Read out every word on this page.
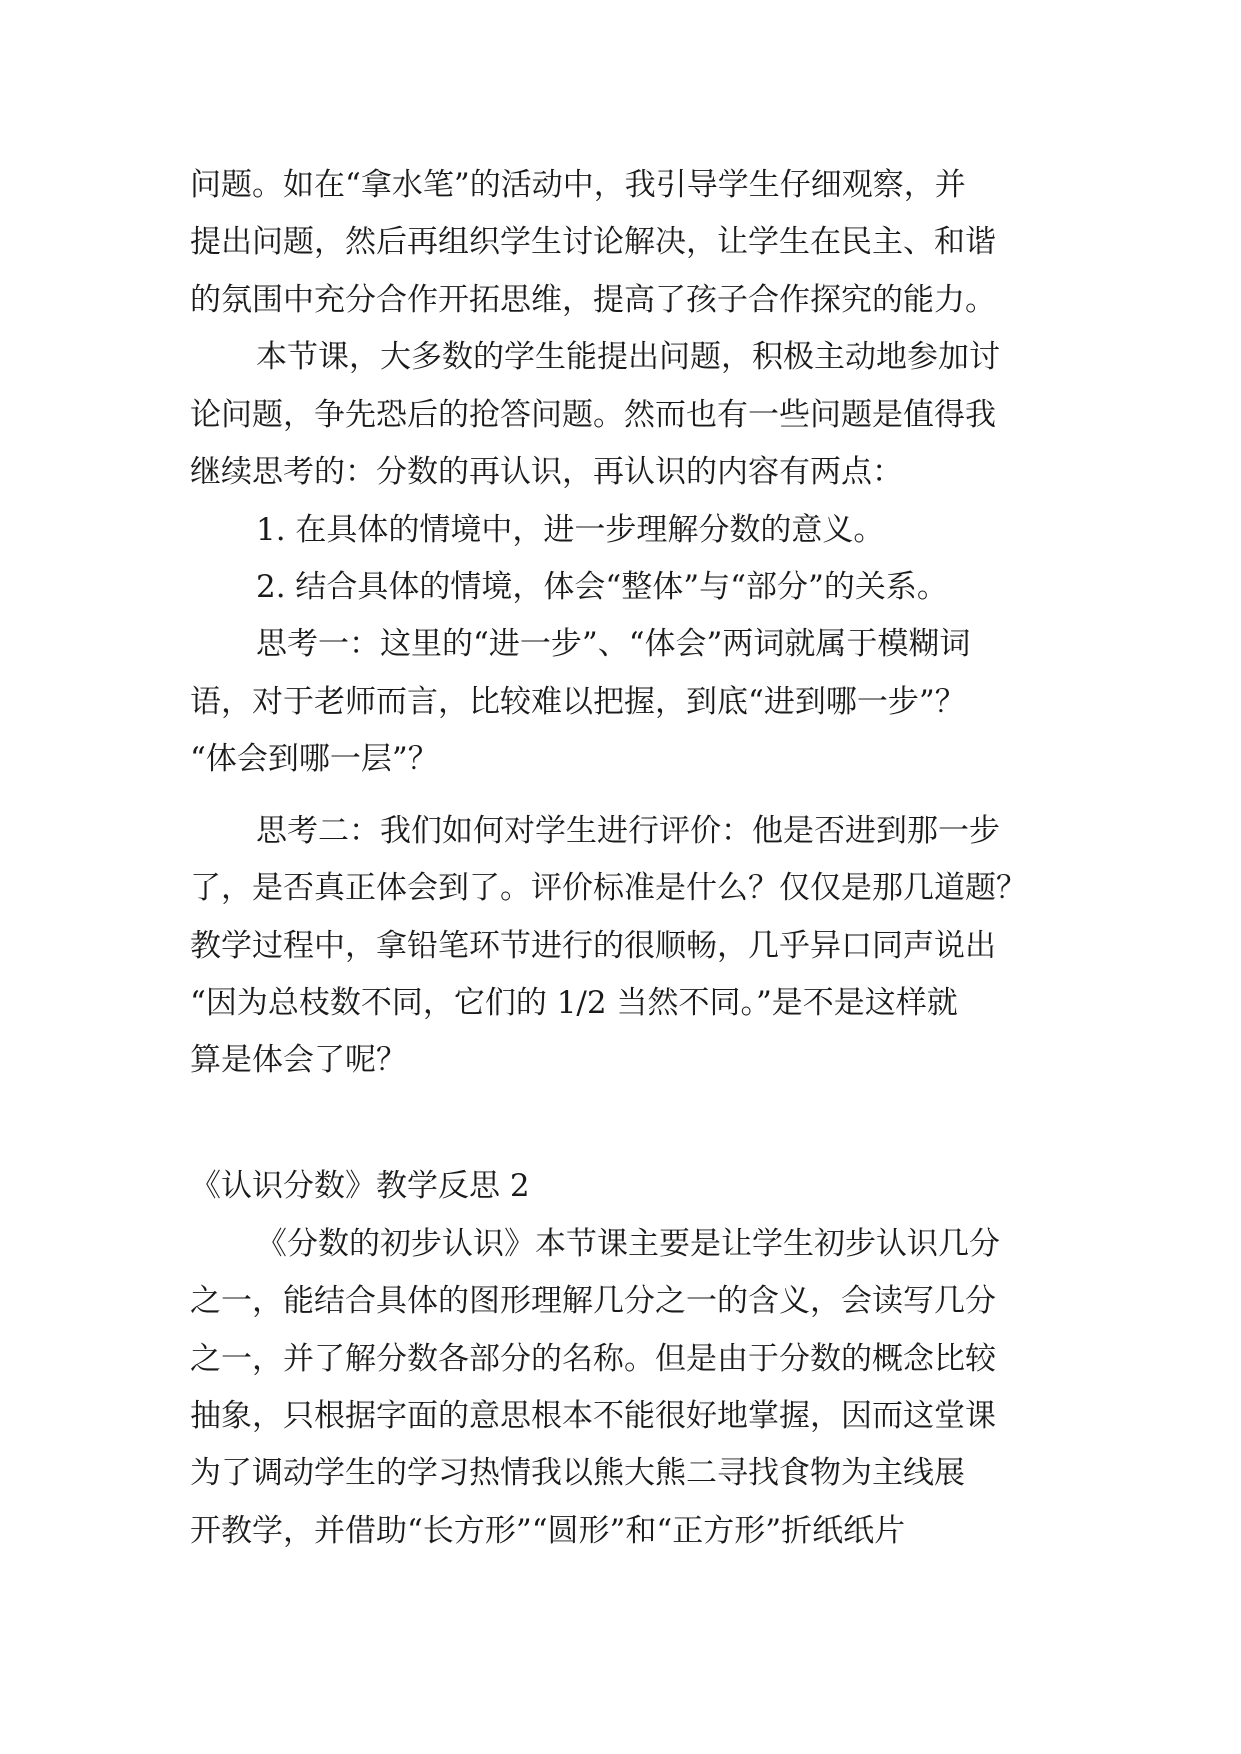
问题。如在“拿水笔”的活动中，我引导学生仔细观察，并
提出问题，然后再组织学生讨论解决，让学生在民主、和谐
的氛围中充分合作开拓思维，提高了孩子合作探究的能力。
本节课，大多数的学生能提出问题，积极主动地参加讨
论问题，争先恐后的抢答问题。然而也有一些问题是值得我
继续思考的：分数的再认识，再认识的内容有两点：
1. 在具体的情境中，进一步理解分数的意义。
2. 结合具体的情境，体会“整体”与“部分”的关系。
思考一：这里的“进一步”、“体会”两词就属于模糊词
语，对于老师而言，比较难以把握，到底“进到哪一步”？
“体会到哪一层”？
思考二：我们如何对学生进行评价：他是否进到那一步
了，是否真正体会到了。评价标准是什么？仅仅是那几道题？
教学过程中，拿铅笔环节进行的很顺畅，几乎异口同声说出
“因为总枝数不同，它们的 1/2 当然不同。”是不是这样就
算是体会了呢？
《认识分数》教学反思 2
《分数的初步认识》本节课主要是让学生初步认识几分
之一，能结合具体的图形理解几分之一的含义，会读写几分
之一，并了解分数各部分的名称。但是由于分数的概念比较
抽象，只根据字面的意思根本不能很好地掌握，因而这堂课
为了调动学生的学习热情我以熊大熊二寻找食物为主线展
开教学，并借助“长方形”“圆形”和“正方形”折纸纸片
